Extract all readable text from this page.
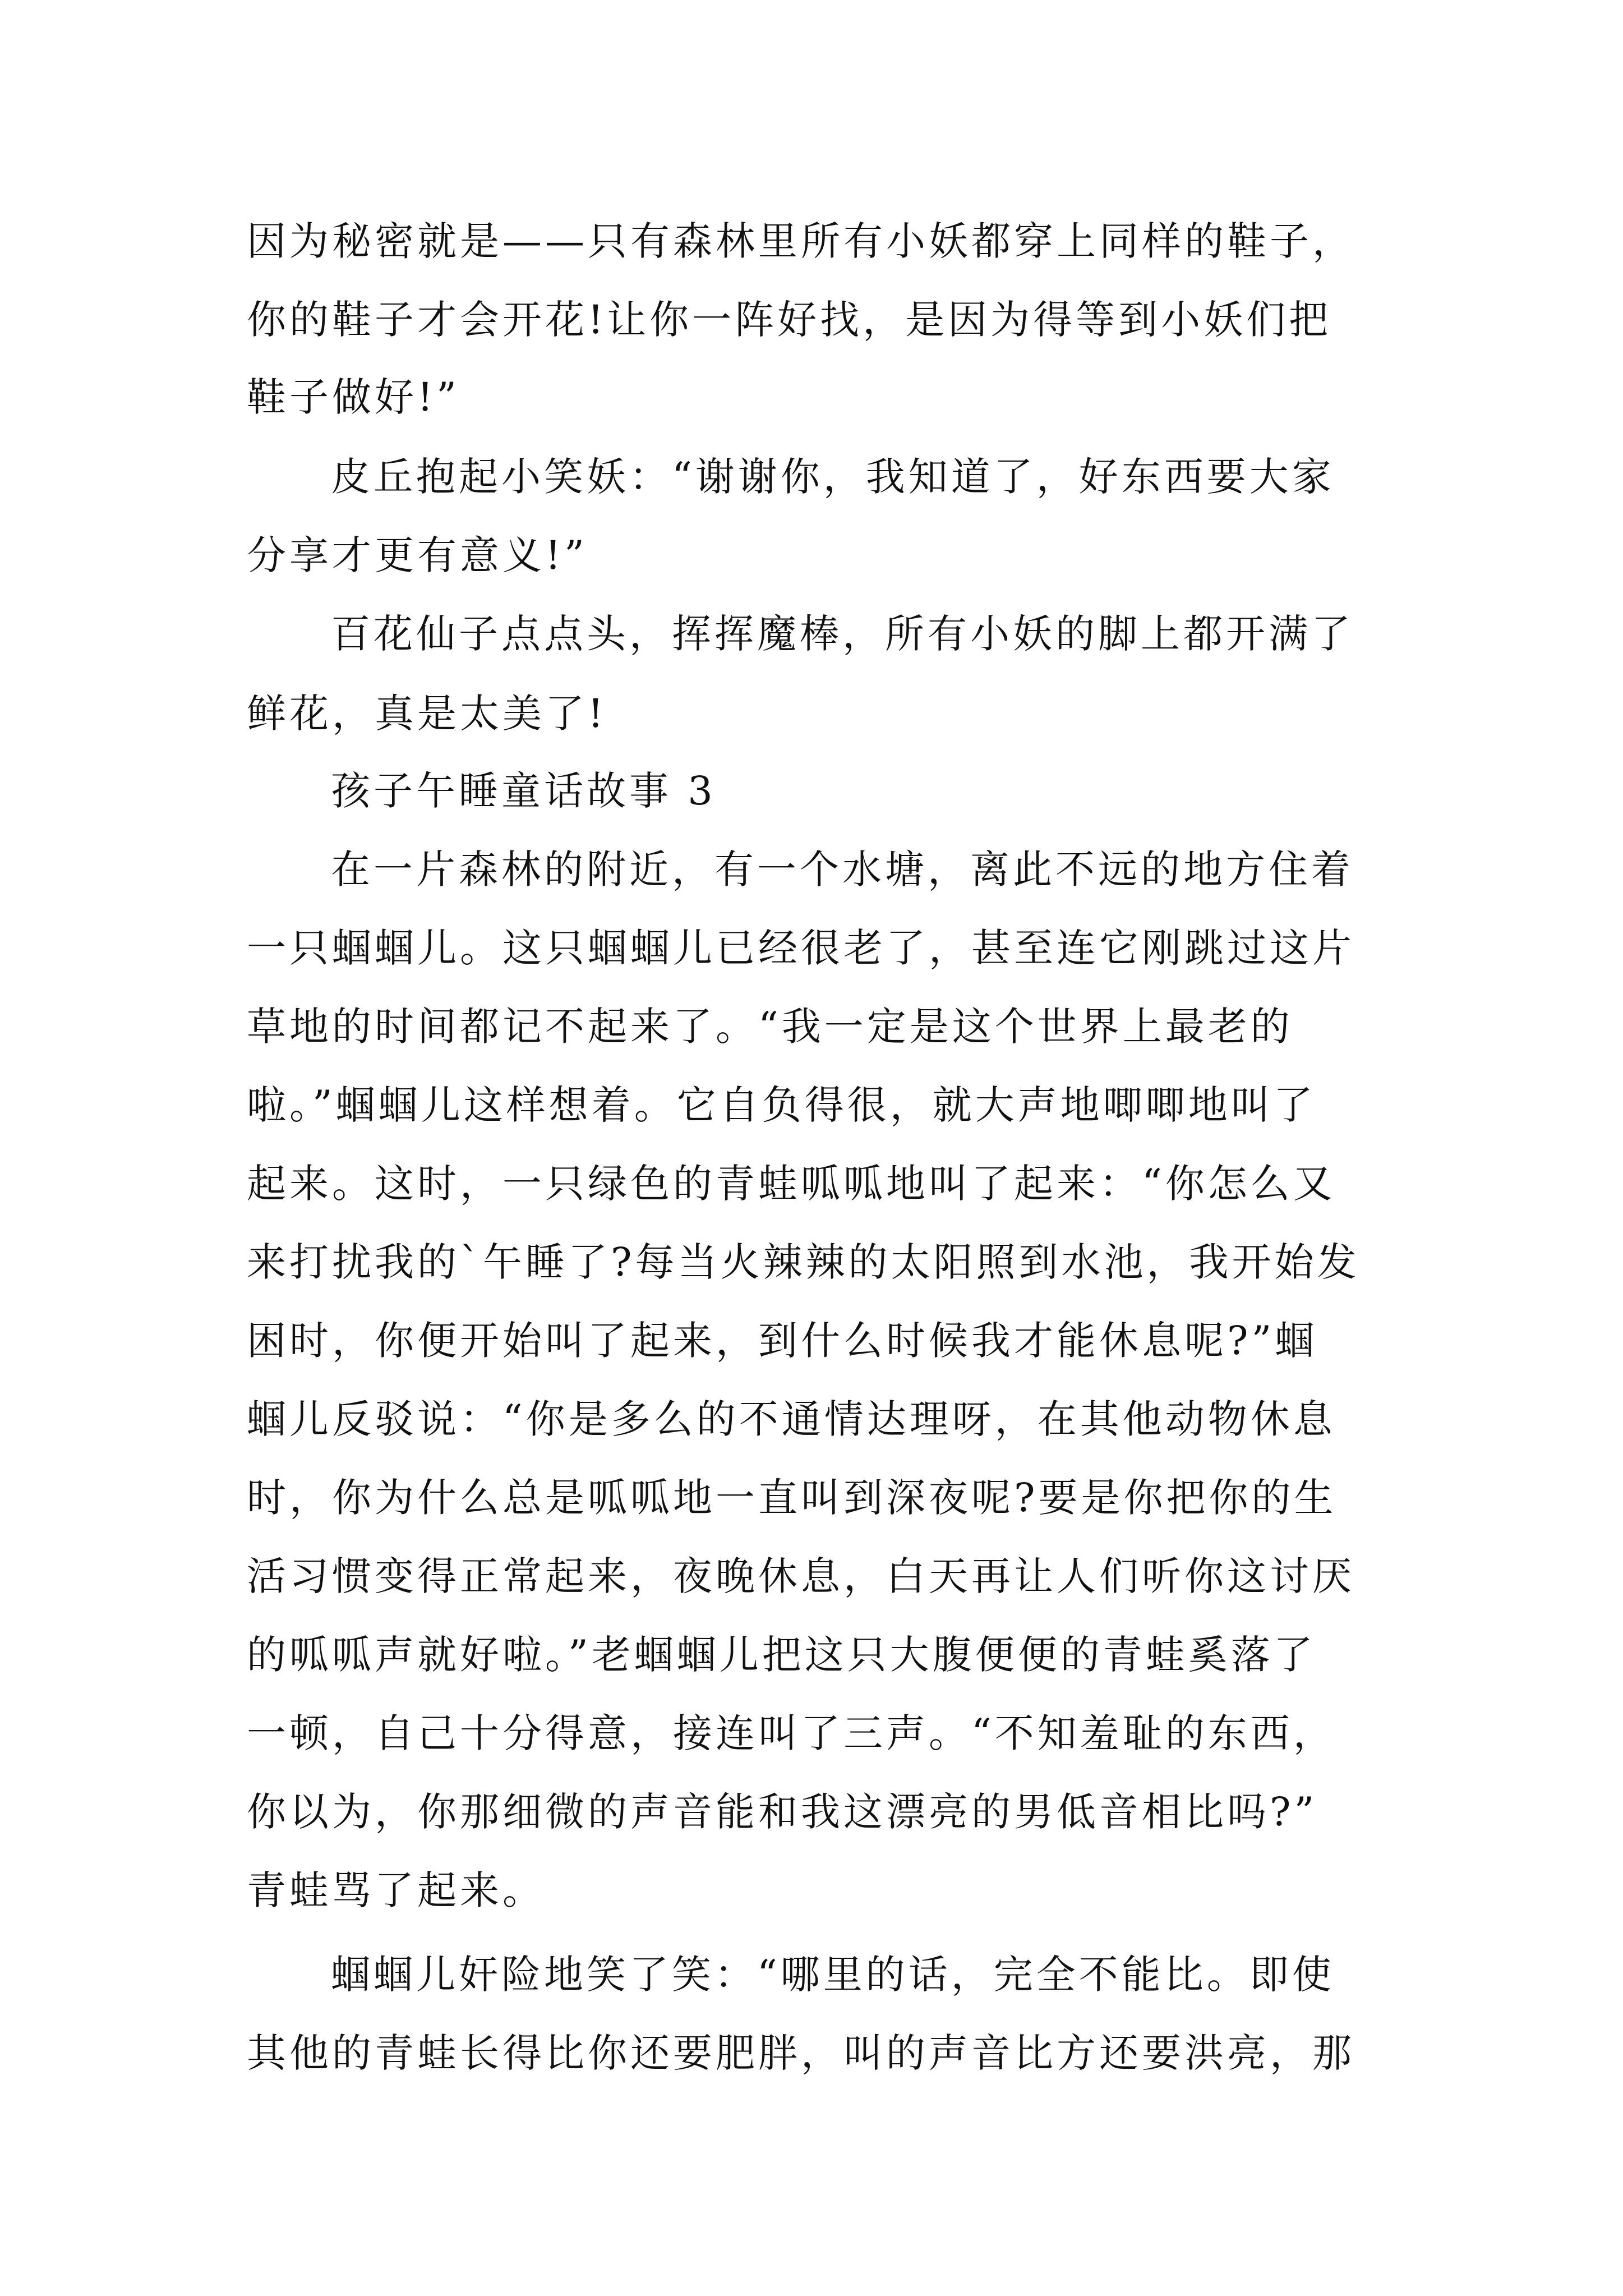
因为秘密就是——只有森林里所有小妖都穿上同样的鞋子，
你的鞋子才会开花!让你一阵好找，是因为得等到小妖们把
鞋子做好!”
皮丘抱起小笑妖：“谢谢你，我知道了，好东西要大家
分享才更有意义!”
百花仙子点点头，挥挥魔棒，所有小妖的脚上都开满了
鲜花，真是太美了!
孩子午睡童话故事 3
在一片森林的附近，有一个水塘，离此不远的地方住着
一只蝈蝈儿。这只蝈蝈儿已经很老了，甚至连它刚跳过这片
草地的时间都记不起来了。“我一定是这个世界上最老的
啦。”蝈蝈儿这样想着。它自负得很，就大声地唧唧地叫了
起来。这时，一只绿色的青蛙呱呱地叫了起来：“你怎么又
来打扰我的`午睡了?每当火辣辣的太阳照到水池，我开始发
困时，你便开始叫了起来，到什么时候我才能休息呢?”蝈
蝈儿反驳说：“你是多么的不通情达理呀，在其他动物休息
时，你为什么总是呱呱地一直叫到深夜呢?要是你把你的生
活习惯变得正常起来，夜晚休息，白天再让人们听你这讨厌
的呱呱声就好啦。”老蝈蝈儿把这只大腹便便的青蛙奚落了
一顿，自己十分得意，接连叫了三声。“不知羞耻的东西，
你以为，你那细微的声音能和我这漂亮的男低音相比吗?”
青蛙骂了起来。
蝈蝈儿奸险地笑了笑：“哪里的话，完全不能比。即使
其他的青蛙长得比你还要肥胖，叫的声音比方还要洪亮，那
